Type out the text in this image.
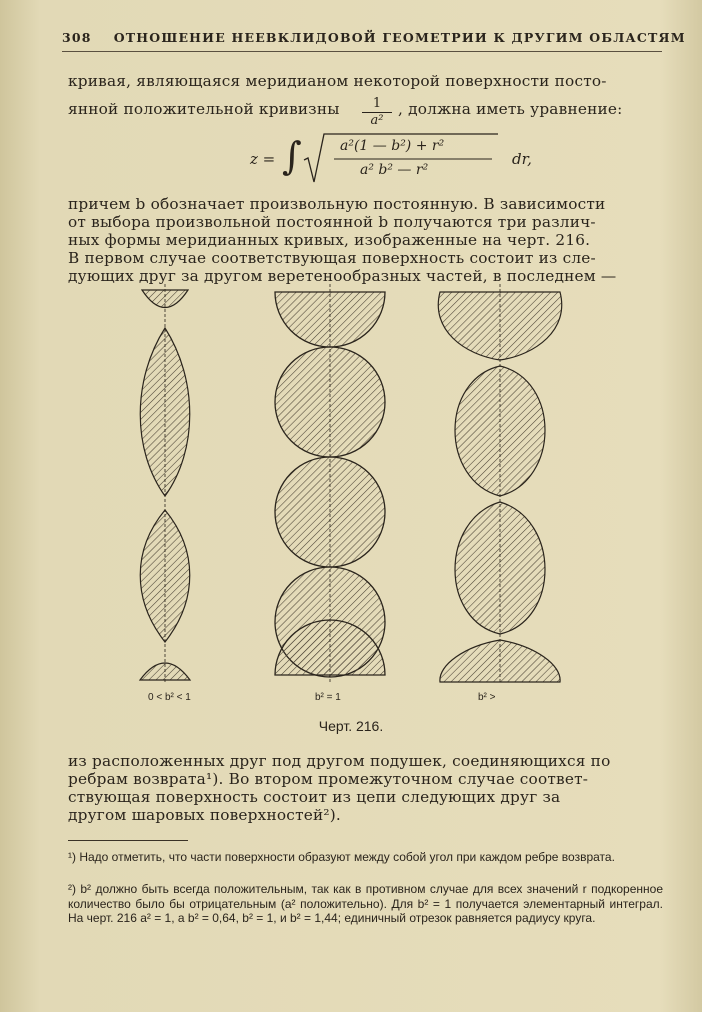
308 ОТНОШЕНИЕ НЕЕВКЛИДОВОЙ ГЕОМЕТРИИ К ДРУГИМ ОБЛАСТЯМ
кривая, являющаяся меридианом некоторой поверхности посто-
янной положительной кривизны	$\frac{1}{\text{a²}}$ , должна иметь уравнение:
z = ∫	a²(1 — b²) + r²
a² b² — r²
dr,
причем b обозначает произвольную постоянную. В зависимости
от выбора произвольной постоянной b получаются три различ-
ных формы меридианных кривых, изображенные на черт. 216.
В первом случае соответствующая поверхность состоит из сле-
дующих друг за другом веретенообразных частей, в последнем —
0 < b² < 1	b² = 1	b² >
Черт. 216.
из расположенных друг под другом подушек, соединяющихся по
ребрам возврата¹). Во втором промежуточном случае соответ-
ствующая поверхность состоит из цепи следующих друг за
другом шаровых поверхностей²).
¹) Надо отметить, что части поверхности образуют между собой угол при каждом ребре возврата.
²) b² должно быть всегда положительным, так как в противном случае для всех значений r подкоренное количество было бы отрицательным (a² положительно). Для b² = 1 получается элементарный интеграл. На черт. 216 a² = 1, а b² = 0,64, b² = 1, и b² = 1,44; единичный отрезок равняется радиусу круга.
